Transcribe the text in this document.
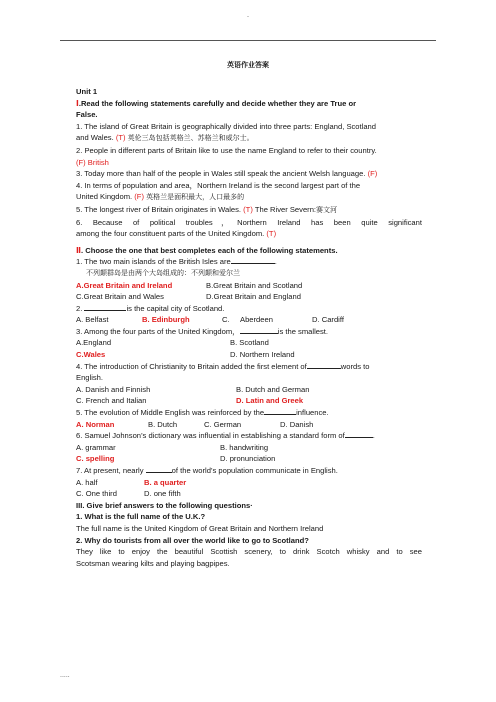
-
英语作业答案
Unit 1
Ⅰ.Read the following statements carefully and decide whether they are True or
False.
1. The island of Great Britain is geographically divided into three parts: England, Scotland
and Wales. (T) 英伦三岛包括英格兰、苏格兰和威尔士。
2. People in different parts of Britain like to use the name England to refer to their country.
(F) British
3. Today more than half of the people in Wales still speak the ancient Welsh language. (F)
4. In terms of population and area，Northern Ireland is the second largest part of the
United Kingdom. (F) 英格兰是面积最大，人口最多的
5. The longest river of Britain originates in Wales. (T) The River Severn:赛文河
6. Because of political troubles，Northern Ireland has been quite significant
among the four constituent parts of the United Kingdom. (T)
Ⅱ. Choose the one that best completes each of the following statements.
1. The two main islands of the British Isles are	.
不列颠群岛是由两个大岛组成的：不列颠和爱尔兰
A.Great Britain and Ireland	B.Great Britain and Scotland
C.Great Britain and Wales	D.Great Britain and England
2.	is the capital city of Scotland.
A. Belfast	B. Edinburgh	C. Aberdeen	D. Cardiff
3. Among the four parts of the United Kingdom，	is the smallest.
A.England	B. Scotland
C.Wales	D. Northern Ireland
4. The introduction of Christianity to Britain added the first element of	words to
English.
A. Danish and Finnish	B. Dutch and German
C. French and Italian	D. Latin and Greek
5. The evolution of Middle English was reinforced by the	influence.
A. Norman	B. Dutch	C. German	D. Danish
6. Samuel Johnson’s dictionary was influential in establishing a standard form of	.
A. grammar	B. handwriting
C. spelling	D. pronunciation
7. At present, nearly	of the world’s population communicate in English.
A. half	B. a quarter
C. One third	D. one fifth
III. Give brief answers to the following questions·
1. What is the full name of the U.K.?
The full name is the United Kingdom of Great Britain and Northern Ireland
2. Why do tourists from all over the world like to go to Scotland?
They like to enjoy the beautiful Scottish scenery, to drink Scotch whisky and to see
Scotsman wearing kilts and playing bagpipes.
.....
